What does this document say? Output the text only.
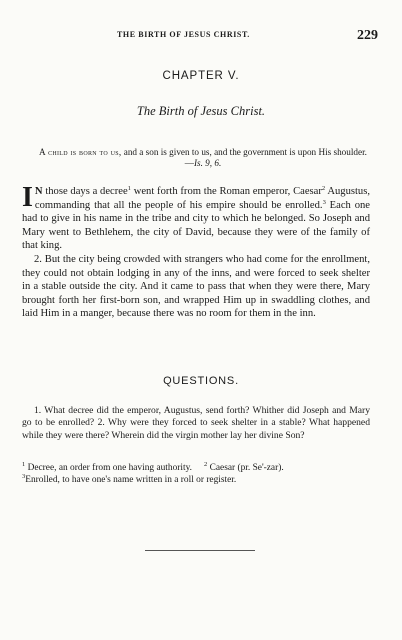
THE BIRTH OF JESUS CHRIST.	229
CHAPTER V.
The Birth of Jesus Christ.
A child is born to us, and a son is given to us, and the government is upon His shoulder.—Is. 9, 6.
I N those days a decree$^1$ went forth from the Roman emperor, Caesar$^2$ Augustus, commanding that all the people of his empire should be enrolled.$^3$ Each one had to give in his name in the tribe and city to which he belonged. So Joseph and Mary went to Bethlehem, the city of David, because they were of the family of that king.
2. But the city being crowded with strangers who had come for the enrollment, they could not obtain lodging in any of the inns, and were forced to seek shelter in a stable outside the city. And it came to pass that when they were there, Mary brought forth her first-born son, and wrapped Him up in swaddling clothes, and laid Him in a manger, because there was no room for them in the inn.
QUESTIONS.
1. What decree did the emperor, Augustus, send forth? Whither did Joseph and Mary go to be enrolled? 2. Why were they forced to seek shelter in a stable? What happened while they were there? Wherein did the virgin mother lay her divine Son?
$^1$ Decree, an order from one having authority. $^2$ Caesar (pr. Se'-zar).
$^3$Enrolled, to have one's name written in a roll or register.
